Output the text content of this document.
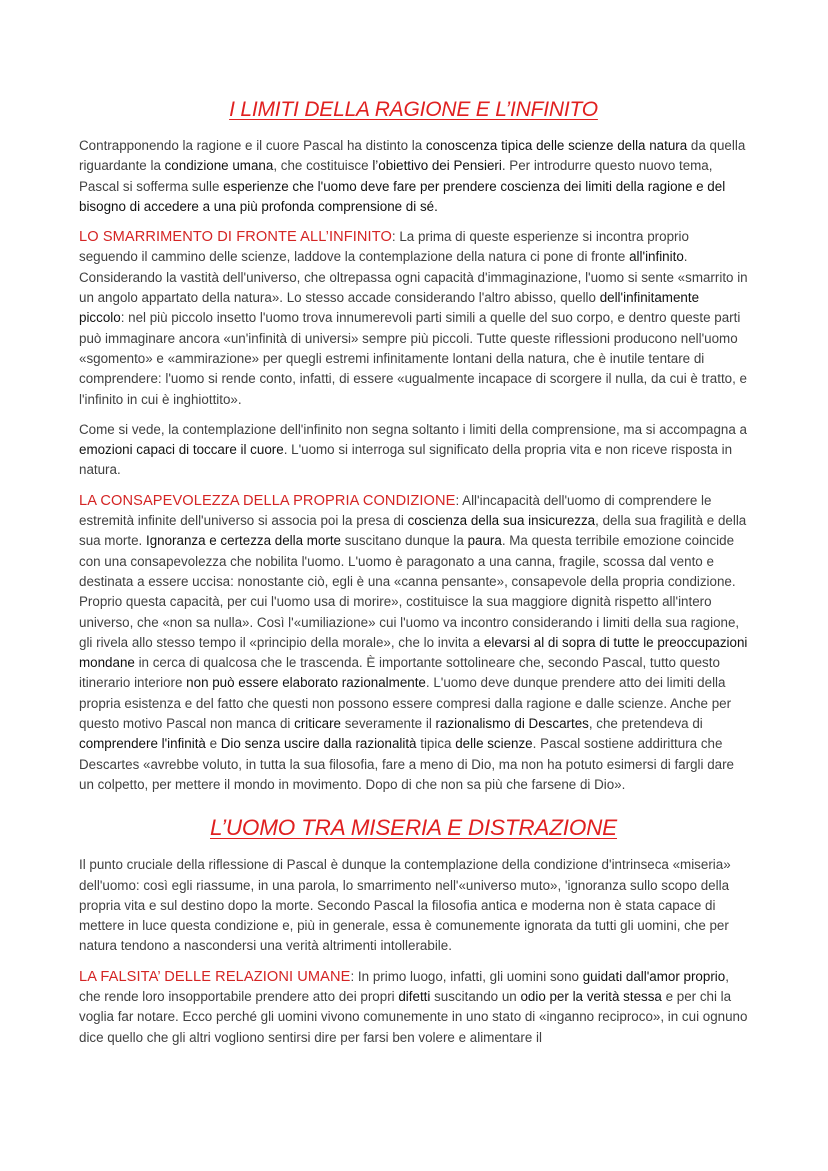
I LIMITI DELLA RAGIONE E L’INFINITO

Contrapponendo la ragione e il cuore Pascal ha distinto la conoscenza tipica delle scienze della natura da quella riguardante la condizione umana, che costituisce l’obiettivo dei Pensieri. Per introdurre questo nuovo tema, Pascal si sofferma sulle esperienze che l'uomo deve fare per prendere coscienza dei limiti della ragione e del bisogno di accedere a una più profonda comprensione di sé.

LO SMARRIMENTO DI FRONTE ALL’INFINITO: La prima di queste esperienze si incontra proprio seguendo il cammino delle scienze, laddove la contemplazione della natura ci pone di fronte all'infinito. Considerando la vastità dell'universo, che oltrepassa ogni capacità d'immaginazione, l'uomo si sente «smarrito in un angolo appartato della natura». Lo stesso accade considerando l'altro abisso, quello dell'infinitamente piccolo: nel più piccolo insetto l'uomo trova innumerevoli parti simili a quelle del suo corpo, e dentro queste parti può immaginare ancora «un'infinità di universi» sempre più piccoli. Tutte queste riflessioni producono nell'uomo «sgomento» e «ammirazione» per quegli estremi infinitamente lontani della natura, che è inutile tentare di comprendere: l'uomo si rende conto, infatti, di essere «ugualmente incapace di scorgere il nulla, da cui è tratto, e l'infinito in cui è inghiottito».

Come si vede, la contemplazione dell'infinito non segna soltanto i limiti della comprensione, ma si accompagna a emozioni capaci di toccare il cuore. L'uomo si interroga sul significato della propria vita e non riceve risposta in natura.

LA CONSAPEVOLEZZA DELLA PROPRIA CONDIZIONE: All'incapacità dell'uomo di comprendere le estremità infinite dell'universo si associa poi la presa di coscienza della sua insicurezza, della sua fragilità e della sua morte. Ignoranza e certezza della morte suscitano dunque la paura. Ma questa terribile emozione coincide con una consapevolezza che nobilita l'uomo. L'uomo è paragonato a una canna, fragile, scossa dal vento e destinata a essere uccisa: nonostante ciò, egli è una «canna pensante», consapevole della propria condizione. Proprio questa capacità, per cui l'uomo usa di morire», costituisce la sua maggiore dignità rispetto all'intero universo, che «non sa nulla». Così l'«umiliazione» cui l'uomo va incontro considerando i limiti della sua ragione, gli rivela allo stesso tempo il «principio della morale», che lo invita a elevarsi al di sopra di tutte le preoccupazioni mondane in cerca di qualcosa che le trascenda. È importante sottolineare che, secondo Pascal, tutto questo itinerario interiore non può essere elaborato razionalmente. L'uomo deve dunque prendere atto dei limiti della propria esistenza e del fatto che questi non possono essere compresi dalla ragione e dalle scienze. Anche per questo motivo Pascal non manca di criticare severamente il razionalismo di Descartes, che pretendeva di comprendere l'infinità e Dio senza uscire dalla razionalità tipica delle scienze. Pascal sostiene addirittura che Descartes «avrebbe voluto, in tutta la sua filosofia, fare a meno di Dio, ma non ha potuto esimersi di fargli dare un colpetto, per mettere il mondo in movimento. Dopo di che non sa più che farsene di Dio».

L’UOMO TRA MISERIA E DISTRAZIONE

Il punto cruciale della riflessione di Pascal è dunque la contemplazione della condizione d'intrinseca «miseria» dell'uomo: così egli riassume, in una parola, lo smarrimento nell'«universo muto», 'ignoranza sullo scopo della propria vita e sul destino dopo la morte. Secondo Pascal la filosofia antica e moderna non è stata capace di mettere in luce questa condizione e, più in generale, essa è comunemente ignorata da tutti gli uomini, che per natura tendono a nascondersi una verità altrimenti intollerabile.

LA FALSITA’ DELLE RELAZIONI UMANE: In primo luogo, infatti, gli uomini sono guidati dall'amor proprio, che rende loro insopportabile prendere atto dei propri difetti suscitando un odio per la verità stessa e per chi la voglia far notare. Ecco perché gli uomini vivono comunemente in uno stato di «inganno reciproco», in cui ognuno dice quello che gli altri vogliono sentirsi dire per farsi ben volere e alimentare il
